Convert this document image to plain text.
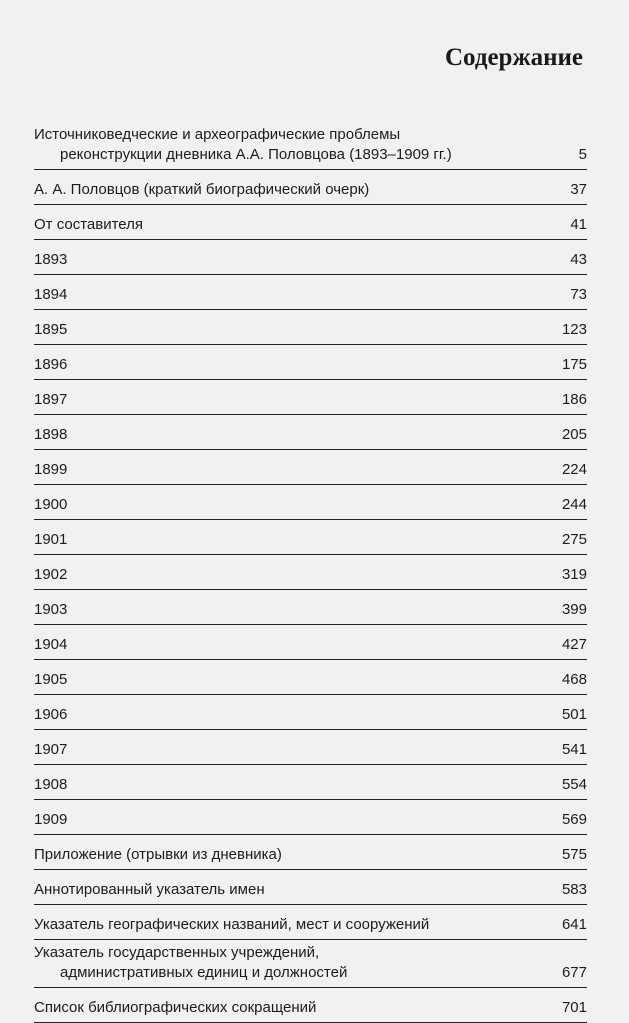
Содержание
Источниковедческие и археографические проблемы
реконструкции дневника А.А. Половцова (1893–1909 гг.)	5
А. А. Половцов (краткий биографический очерк)	37
От составителя	41
1893	43
1894	73
1895	123
1896	175
1897	186
1898	205
1899	224
1900	244
1901	275
1902	319
1903	399
1904	427
1905	468
1906	501
1907	541
1908	554
1909	569
Приложение (отрывки из дневника)	575
Аннотированный указатель имен	583
Указатель географических названий, мест и сооружений	641
Указатель государственных учреждений,
административных единиц и должностей	677
Список библиографических сокращений	701
